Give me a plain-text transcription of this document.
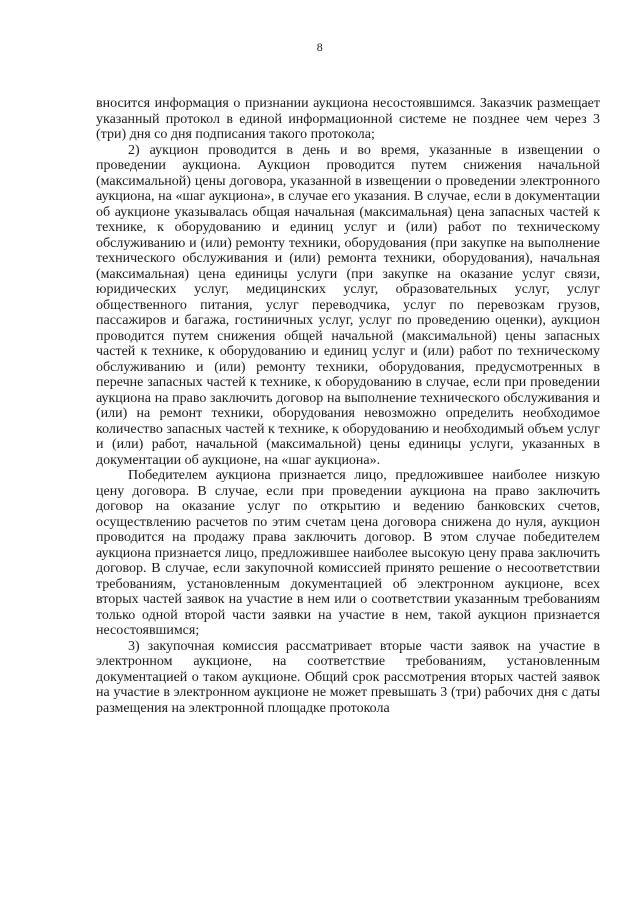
8

вносится информация о признании аукциона несостоявшимся. Заказчик размещает указанный протокол в единой информационной системе не позднее чем через 3 (три) дня со дня подписания такого протокола;

2) аукцион проводится в день и во время, указанные в извещении о проведении аукциона. Аукцион проводится путем снижения начальной (максимальной) цены договора, указанной в извещении о проведении электронного аукциона, на «шаг аукциона», в случае его указания. В случае, если в документации об аукционе указывалась общая начальная (максимальная) цена запасных частей к технике, к оборудованию и единиц услуг и (или) работ по техническому обслуживанию и (или) ремонту техники, оборудования (при закупке на выполнение технического обслуживания и (или) ремонта техники, оборудования), начальная (максимальная) цена единицы услуги (при закупке на оказание услуг связи, юридических услуг, медицинских услуг, образовательных услуг, услуг общественного питания, услуг переводчика, услуг по перевозкам грузов, пассажиров и багажа, гостиничных услуг, услуг по проведению оценки), аукцион проводится путем снижения общей начальной (максимальной) цены запасных частей к технике, к оборудованию и единиц услуг и (или) работ по техническому обслуживанию и (или) ремонту техники, оборудования, предусмотренных в перечне запасных частей к технике, к оборудованию в случае, если при проведении аукциона на право заключить договор на выполнение технического обслуживания и (или) на ремонт техники, оборудования невозможно определить необходимое количество запасных частей к технике, к оборудованию и необходимый объем услуг и (или) работ, начальной (максимальной) цены единицы услуги, указанных в документации об аукционе, на «шаг аукциона».

Победителем аукциона признается лицо, предложившее наиболее низкую цену договора. В случае, если при проведении аукциона на право заключить договор на оказание услуг по открытию и ведению банковских счетов, осуществлению расчетов по этим счетам цена договора снижена до нуля, аукцион проводится на продажу права заключить договор. В этом случае победителем аукциона признается лицо, предложившее наиболее высокую цену права заключить договор. В случае, если закупочной комиссией принято решение о несоответствии требованиям, установленным документацией об электронном аукционе, всех вторых частей заявок на участие в нем или о соответствии указанным требованиям только одной второй части заявки на участие в нем, такой аукцион признается несостоявшимся;

3) закупочная комиссия рассматривает вторые части заявок на участие в электронном аукционе, на соответствие требованиям, установленным документацией о таком аукционе. Общий срок рассмотрения вторых частей заявок на участие в электронном аукционе не может превышать 3 (три) рабочих дня с даты размещения на электронной площадке протокола
